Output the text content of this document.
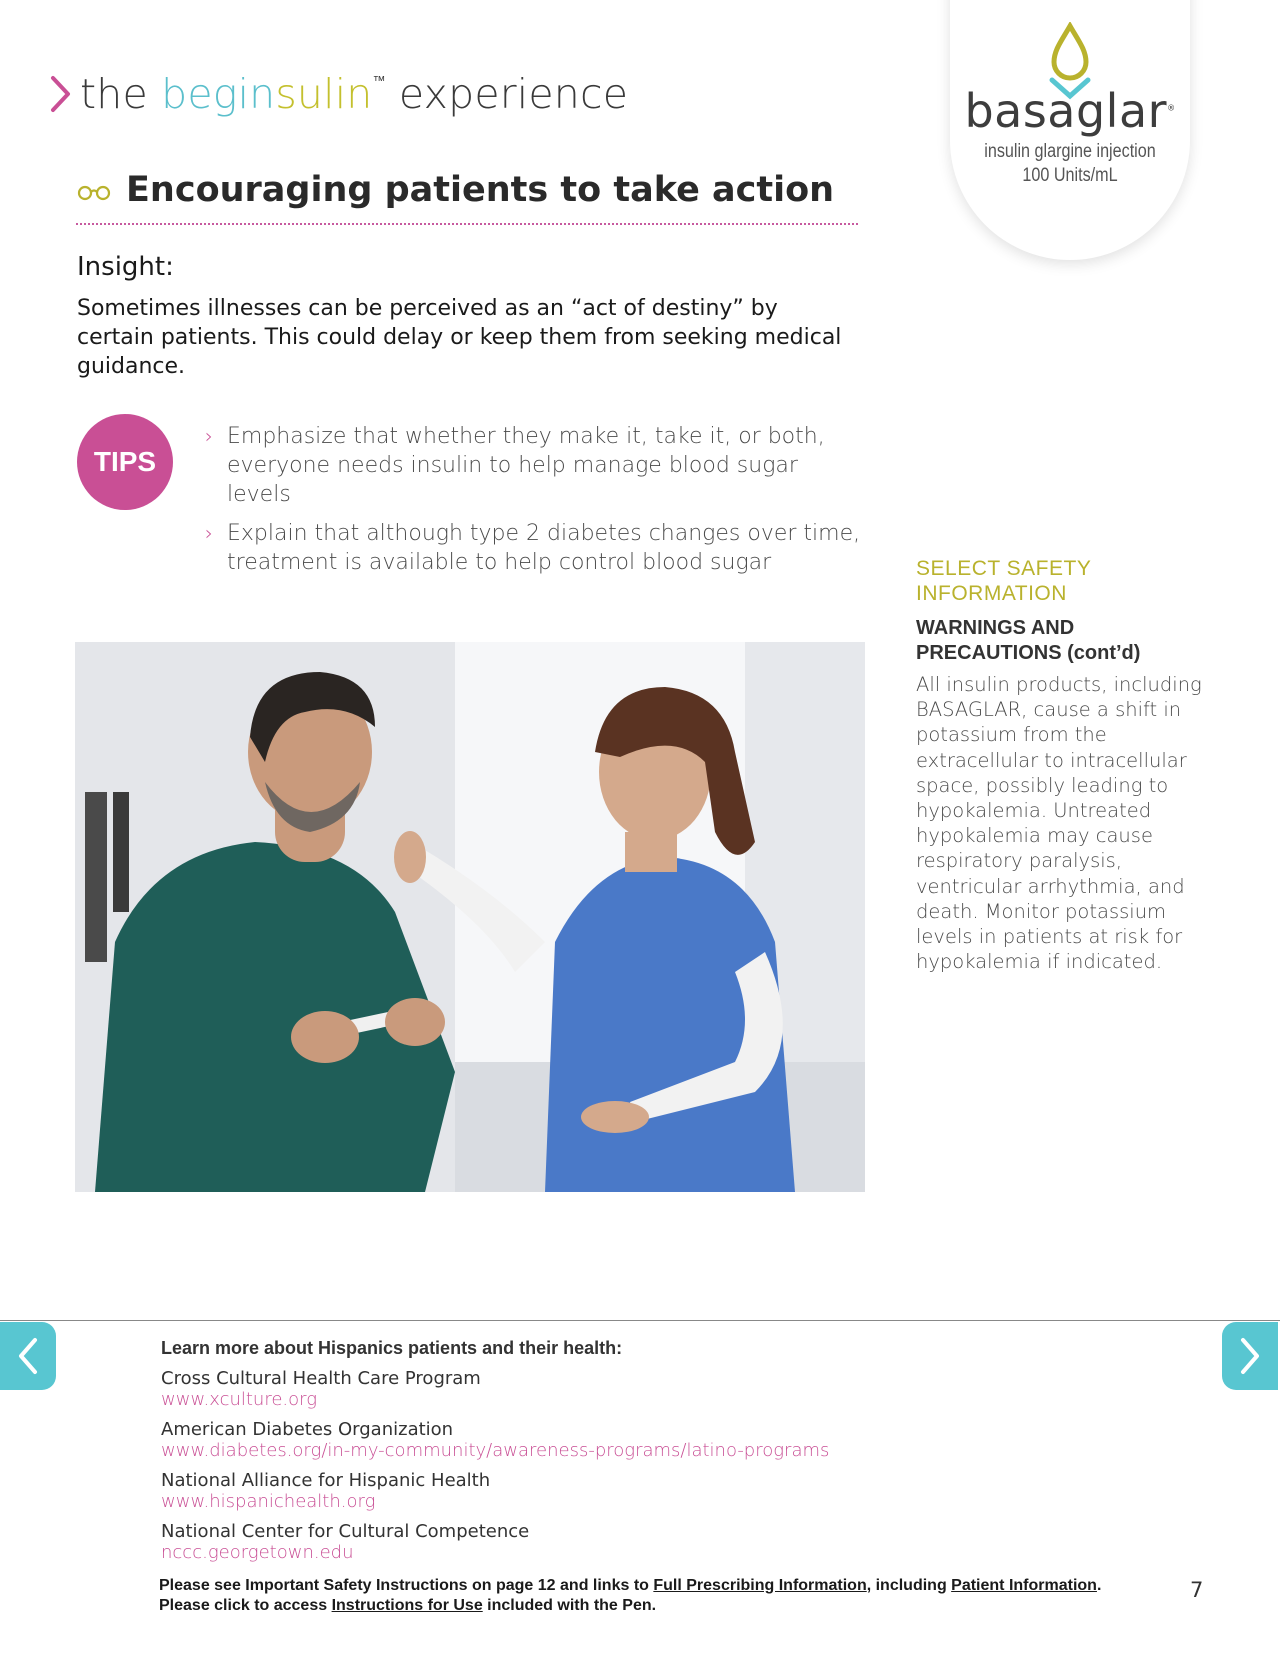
the beginsulin™ experience	basaglar®
insulin glargine injection
100 Units/mL
Encouraging patients to take action
Insight:
Sometimes illnesses can be perceived as an “act of destiny” by certain patients. This could delay or keep them from seeking medical guidance.
TIPS
› Emphasize that whether they make it, take it, or both, everyone needs insulin to help manage blood sugar levels
› Explain that although type 2 diabetes changes over time, treatment is available to help control blood sugar	SELECT SAFETY INFORMATION
WARNINGS AND PRECAUTIONS (cont’d)
All insulin products, including BASAGLAR, cause a shift in potassium from the extracellular to intracellular space, possibly leading to hypokalemia. Untreated hypokalemia may cause respiratory paralysis, ventricular arrhythmia, and death. Monitor potassium levels in patients at risk for hypokalemia if indicated.
Learn more about Hispanics patients and their health:
Cross Cultural Health Care Program
www.xculture.org
American Diabetes Organization
www.diabetes.org/in-my-community/awareness-programs/latino-programs
National Alliance for Hispanic Health
www.hispanichealth.org
National Center for Cultural Competence
nccc.georgetown.edu
Please see Important Safety Instructions on page 12 and links to Full Prescribing Information, including Patient Information.
Please click to access Instructions for Use included with the Pen.
7
